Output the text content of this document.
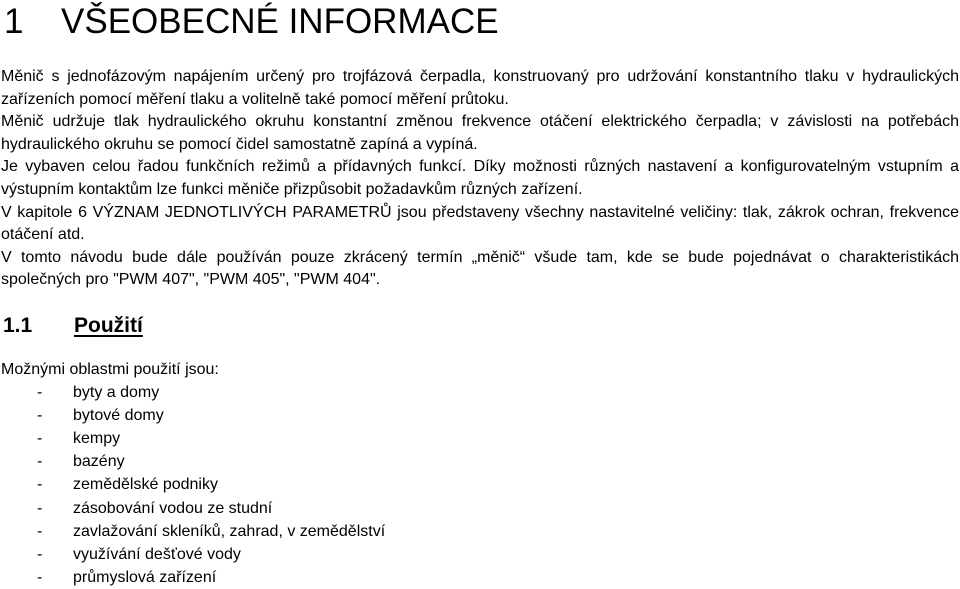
1 VŠEOBECNÉ INFORMACE

Měnič s jednofázovým napájením určený pro trojfázová čerpadla, konstruovaný pro udržování konstantního tlaku v hydraulických zařízeních pomocí měření tlaku a volitelně také pomocí měření průtoku.

Měnič udržuje tlak hydraulického okruhu konstantní změnou frekvence otáčení elektrického čerpadla; v závislosti na potřebách hydraulického okruhu se pomocí čidel samostatně zapíná a vypíná.

Je vybaven celou řadou funkčních režimů a přídavných funkcí. Díky možnosti různých nastavení a konfigurovatelným vstupním a výstupním kontaktům lze funkci měniče přizpůsobit požadavkům různých zařízení.

V kapitole 6 VÝZNAM JEDNOTLIVÝCH PARAMETRŮ jsou představeny všechny nastavitelné veličiny: tlak, zákrok ochran, frekvence otáčení atd.

V tomto návodu bude dále používán pouze zkrácený termín „měnič“ všude tam, kde se bude pojednávat o charakteristikách společných pro "PWM 407", "PWM 405", "PWM 404".

1.1 Použití

Možnými oblastmi použití jsou:

- byty a domy
- bytové domy
- kempy
- bazény
- zemědělské podniky
- zásobování vodou ze studní
- zavlažování skleníků, zahrad, v zemědělství
- využívání dešťové vody
- průmyslová zařízení
